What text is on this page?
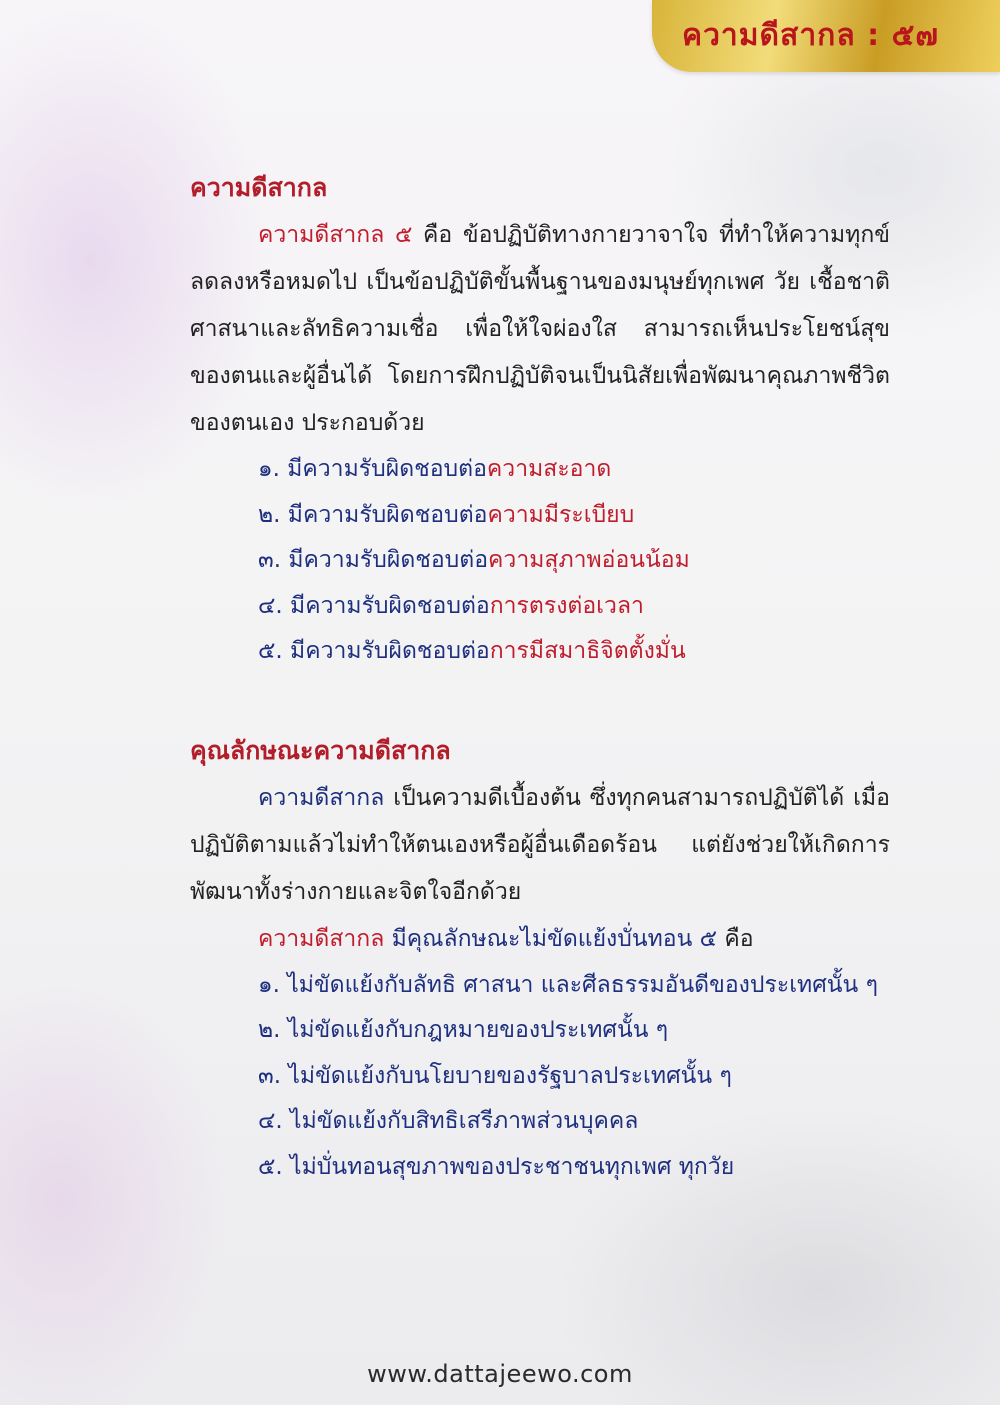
ความดีสากล : ๕๗
ความดีสากล

ความดีสากล ๕ คือ ข้อปฏิบัติทางกายวาจาใจ ที่ทำให้ความทุกข์ลดลงหรือหมดไป เป็นข้อปฏิบัติขั้นพื้นฐานของมนุษย์ทุกเพศ วัย เชื้อชาติ ศาสนาและลัทธิความเชื่อ เพื่อให้ใจผ่องใส สามารถเห็นประโยชน์สุขของตนและผู้อื่นได้ โดยการฝึกปฏิบัติจนเป็นนิสัยเพื่อพัฒนาคุณภาพชีวิตของตนเอง ประกอบด้วย

๑. มีความรับผิดชอบต่อความสะอาด
๒. มีความรับผิดชอบต่อความมีระเบียบ
๓. มีความรับผิดชอบต่อความสุภาพอ่อนน้อม
๔. มีความรับผิดชอบต่อการตรงต่อเวลา
๕. มีความรับผิดชอบต่อการมีสมาธิจิตตั้งมั่น
คุณลักษณะความดีสากล

ความดีสากล เป็นความดีเบื้องต้น ซึ่งทุกคนสามารถปฏิบัติได้ เมื่อปฏิบัติตามแล้วไม่ทำให้ตนเองหรือผู้อื่นเดือดร้อน แต่ยังช่วยให้เกิดการพัฒนาทั้งร่างกายและจิตใจอีกด้วย

ความดีสากล มีคุณลักษณะไม่ขัดแย้งบั่นทอน ๕ คือ

๑. ไม่ขัดแย้งกับลัทธิ ศาสนา และศีลธรรมอันดีของประเทศนั้น ๆ
๒. ไม่ขัดแย้งกับกฎหมายของประเทศนั้น ๆ
๓. ไม่ขัดแย้งกับนโยบายของรัฐบาลประเทศนั้น ๆ
๔. ไม่ขัดแย้งกับสิทธิเสรีภาพส่วนบุคคล
๕. ไม่บั่นทอนสุขภาพของประชาชนทุกเพศ ทุกวัย
www.dattajeewo.com
